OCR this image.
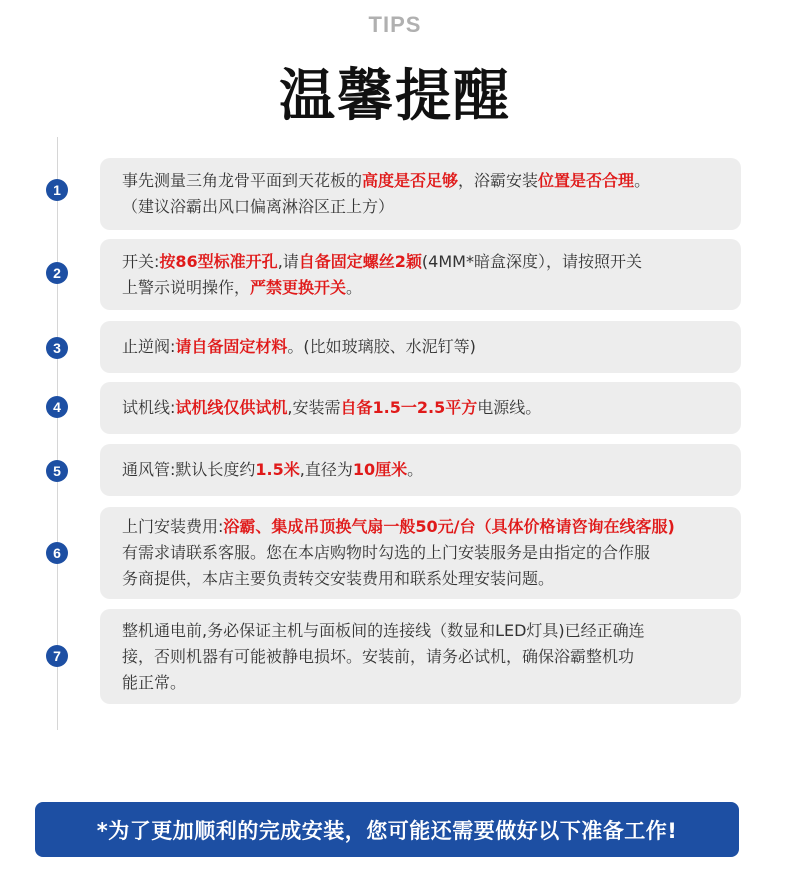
TIPS
温馨提醒
1	事先测量三角龙骨平面到天花板的高度是否足够，浴霸安装位置是否合理。
（建议浴霸出风口偏离淋浴区正上方）
2
开关:按86型标准开孔,请自备固定螺丝2颖(4MM*暗盒深度），请按照开关
上警示说明操作，严禁更换开关。
3	止逆阀:请自备固定材料。(比如玻璃胶、水泥钉等)
4	试机线:试机线仅供试机,安装需自备1.5一2.5平方电源线。
5	通风管:默认长度约1.5米,直径为10厘米。
6
上门安装费用:浴霸、集成吊顶换气扇一般50元/台（具体价格请咨询在线客服)
有需求请联系客服。您在本店购物时勾选的上门安装服务是由指定的合作服
务商提供，本店主要负责转交安装费用和联系处理安装问题。
7
整机通电前,务必保证主机与面板间的连接线（数显和LED灯具)已经正确连
接，否则机器有可能被静电损坏。安装前，请务必试机，确保浴霸整机功
能正常。
*为了更加顺利的完成安装，您可能还需要做好以下准备工作!
